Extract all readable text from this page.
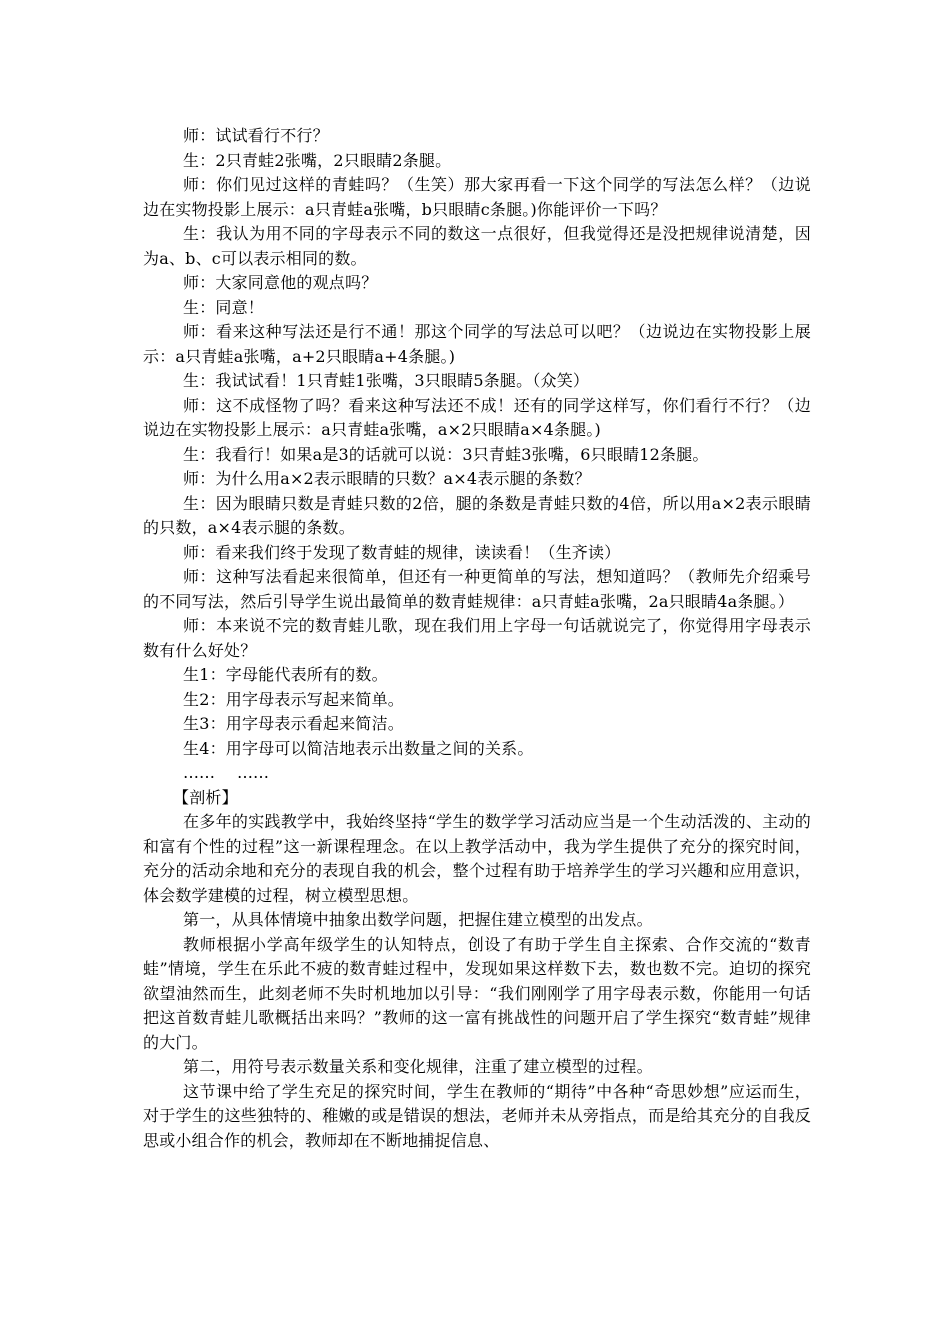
师：试试看行不行？

生：2只青蛙2张嘴，2只眼睛2条腿。

师：你们见过这样的青蛙吗？（生笑）那大家再看一下这个同学的写法怎么样？（边说边在实物投影上展示：a只青蛙a张嘴，b只眼睛c条腿。)你能评价一下吗？

生：我认为用不同的字母表示不同的数这一点很好，但我觉得还是没把规律说清楚，因为a、b、c可以表示相同的数。

师：大家同意他的观点吗？

生：同意！

师：看来这种写法还是行不通！那这个同学的写法总可以吧？（边说边在实物投影上展示：a只青蛙a张嘴，a+2只眼睛a+4条腿。)

生：我试试看！1只青蛙1张嘴，3只眼睛5条腿。（众笑）

师：这不成怪物了吗？看来这种写法还不成！还有的同学这样写，你们看行不行？（边说边在实物投影上展示：a只青蛙a张嘴，a×2只眼睛a×4条腿。)

生：我看行！如果a是3的话就可以说：3只青蛙3张嘴，6只眼睛12条腿。

师：为什么用a×2表示眼睛的只数？a×4表示腿的条数？

生：因为眼睛只数是青蛙只数的2倍，腿的条数是青蛙只数的4倍，所以用a×2表示眼睛的只数，a×4表示腿的条数。

师：看来我们终于发现了数青蛙的规律，读读看！（生齐读）

师：这种写法看起来很简单，但还有一种更简单的写法，想知道吗？（教师先介绍乘号的不同写法，然后引导学生说出最简单的数青蛙规律：a只青蛙a张嘴，2a只眼睛4a条腿。）

师：本来说不完的数青蛙儿歌，现在我们用上字母一句话就说完了，你觉得用字母表示数有什么好处？

生1：字母能代表所有的数。

生2：用字母表示写起来简单。

生3：用字母表示看起来简洁。

生4：用字母可以简洁地表示出数量之间的关系。

…… ……

【剖析】

在多年的实践教学中，我始终坚持“学生的数学学习活动应当是一个生动活泼的、主动的和富有个性的过程”这一新课程理念。在以上教学活动中，我为学生提供了充分的探究时间，充分的活动余地和充分的表现自我的机会，整个过程有助于培养学生的学习兴趣和应用意识，体会数学建模的过程，树立模型思想。

第一，从具体情境中抽象出数学问题，把握住建立模型的出发点。

教师根据小学高年级学生的认知特点，创设了有助于学生自主探索、合作交流的“数青蛙”情境，学生在乐此不疲的数青蛙过程中，发现如果这样数下去，数也数不完。迫切的探究欲望油然而生，此刻老师不失时机地加以引导：“我们刚刚学了用字母表示数，你能用一句话把这首数青蛙儿歌概括出来吗？”教师的这一富有挑战性的问题开启了学生探究“数青蛙”规律的大门。

第二，用符号表示数量关系和变化规律，注重了建立模型的过程。

这节课中给了学生充足的探究时间，学生在教师的“期待”中各种“奇思妙想”应运而生，对于学生的这些独特的、稚嫩的或是错误的想法，老师并未从旁指点，而是给其充分的自我反思或小组合作的机会，教师却在不断地捕捉信息、
